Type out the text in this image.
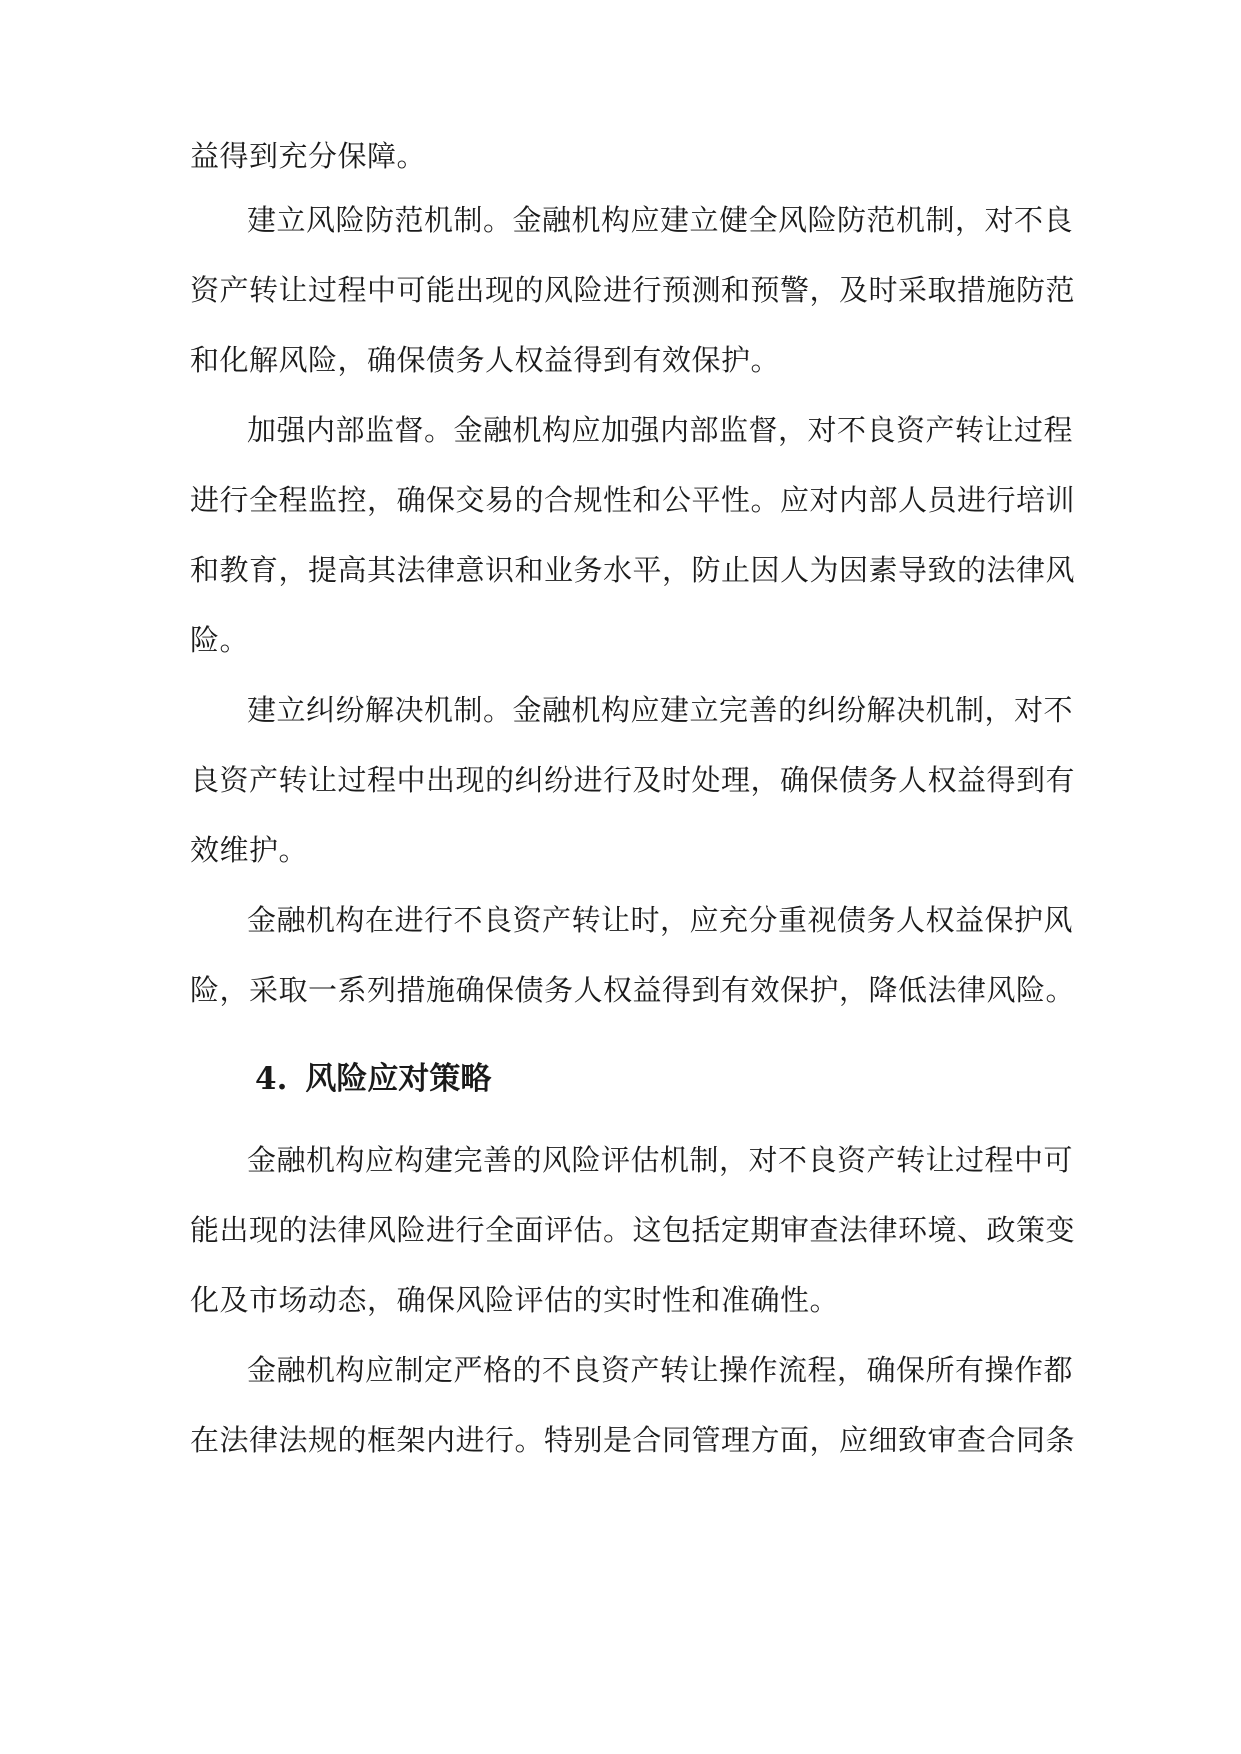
益得到充分保障。
建立风险防范机制。金融机构应建立健全风险防范机制，对不良
资产转让过程中可能出现的风险进行预测和预警，及时采取措施防范
和化解风险，确保债务人权益得到有效保护。
加强内部监督。金融机构应加强内部监督，对不良资产转让过程
进行全程监控，确保交易的合规性和公平性。应对内部人员进行培训
和教育，提高其法律意识和业务水平，防止因人为因素导致的法律风
险。
建立纠纷解决机制。金融机构应建立完善的纠纷解决机制，对不
良资产转让过程中出现的纠纷进行及时处理，确保债务人权益得到有
效维护。
金融机构在进行不良资产转让时，应充分重视债务人权益保护风
险，采取一系列措施确保债务人权益得到有效保护，降低法律风险。
4. 风险应对策略
金融机构应构建完善的风险评估机制，对不良资产转让过程中可
能出现的法律风险进行全面评估。这包括定期审查法律环境、政策变
化及市场动态，确保风险评估的实时性和准确性。
金融机构应制定严格的不良资产转让操作流程，确保所有操作都
在法律法规的框架内进行。特别是合同管理方面，应细致审查合同条
